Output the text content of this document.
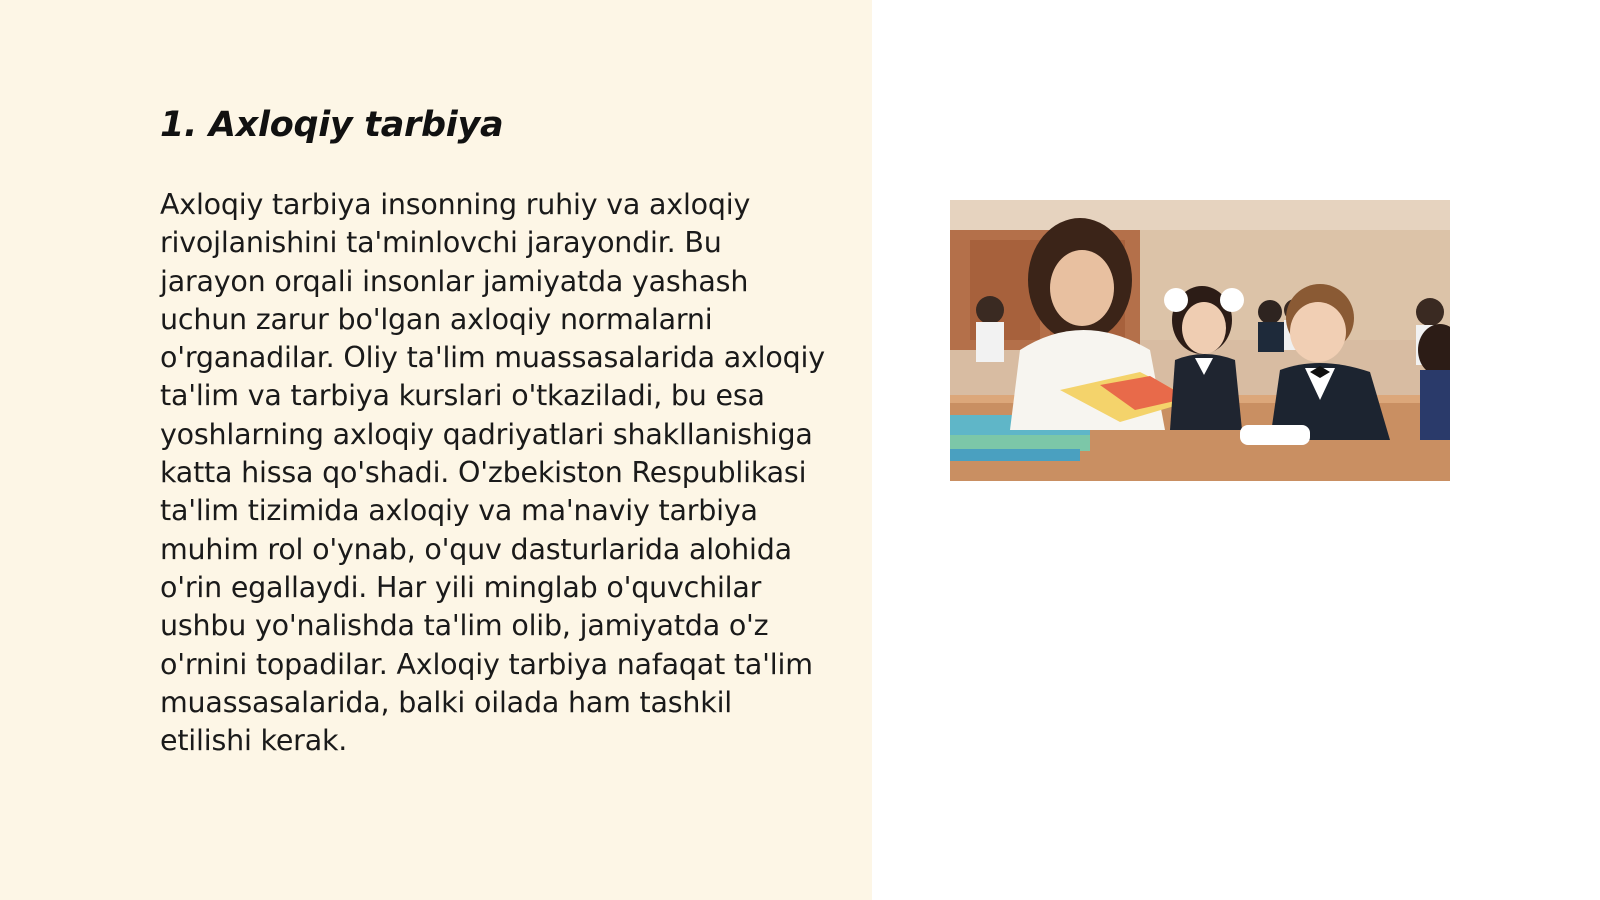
1. Axloqiy tarbiya

Axloqiy tarbiya insonning ruhiy va axloqiy rivojlanishini ta'minlovchi jarayondir. Bu jarayon orqali insonlar jamiyatda yashash uchun zarur bo'lgan axloqiy normalarni o'rganadilar. Oliy ta'lim muassasalarida axloqiy ta'lim va tarbiya kurslari o'tkaziladi, bu esa yoshlarning axloqiy qadriyatlari shakllanishiga katta hissa qo'shadi. O'zbekiston Respublikasi ta'lim tizimida axloqiy va ma'naviy tarbiya muhim rol o'ynab, o'quv dasturlarida alohida o'rin egallaydi. Har yili minglab o'quvchilar ushbu yo'nalishda ta'lim olib, jamiyatda o'z o'rnini topadilar. Axloqiy tarbiya nafaqat ta'lim muassasalarida, balki oilada ham tashkil etilishi kerak.
